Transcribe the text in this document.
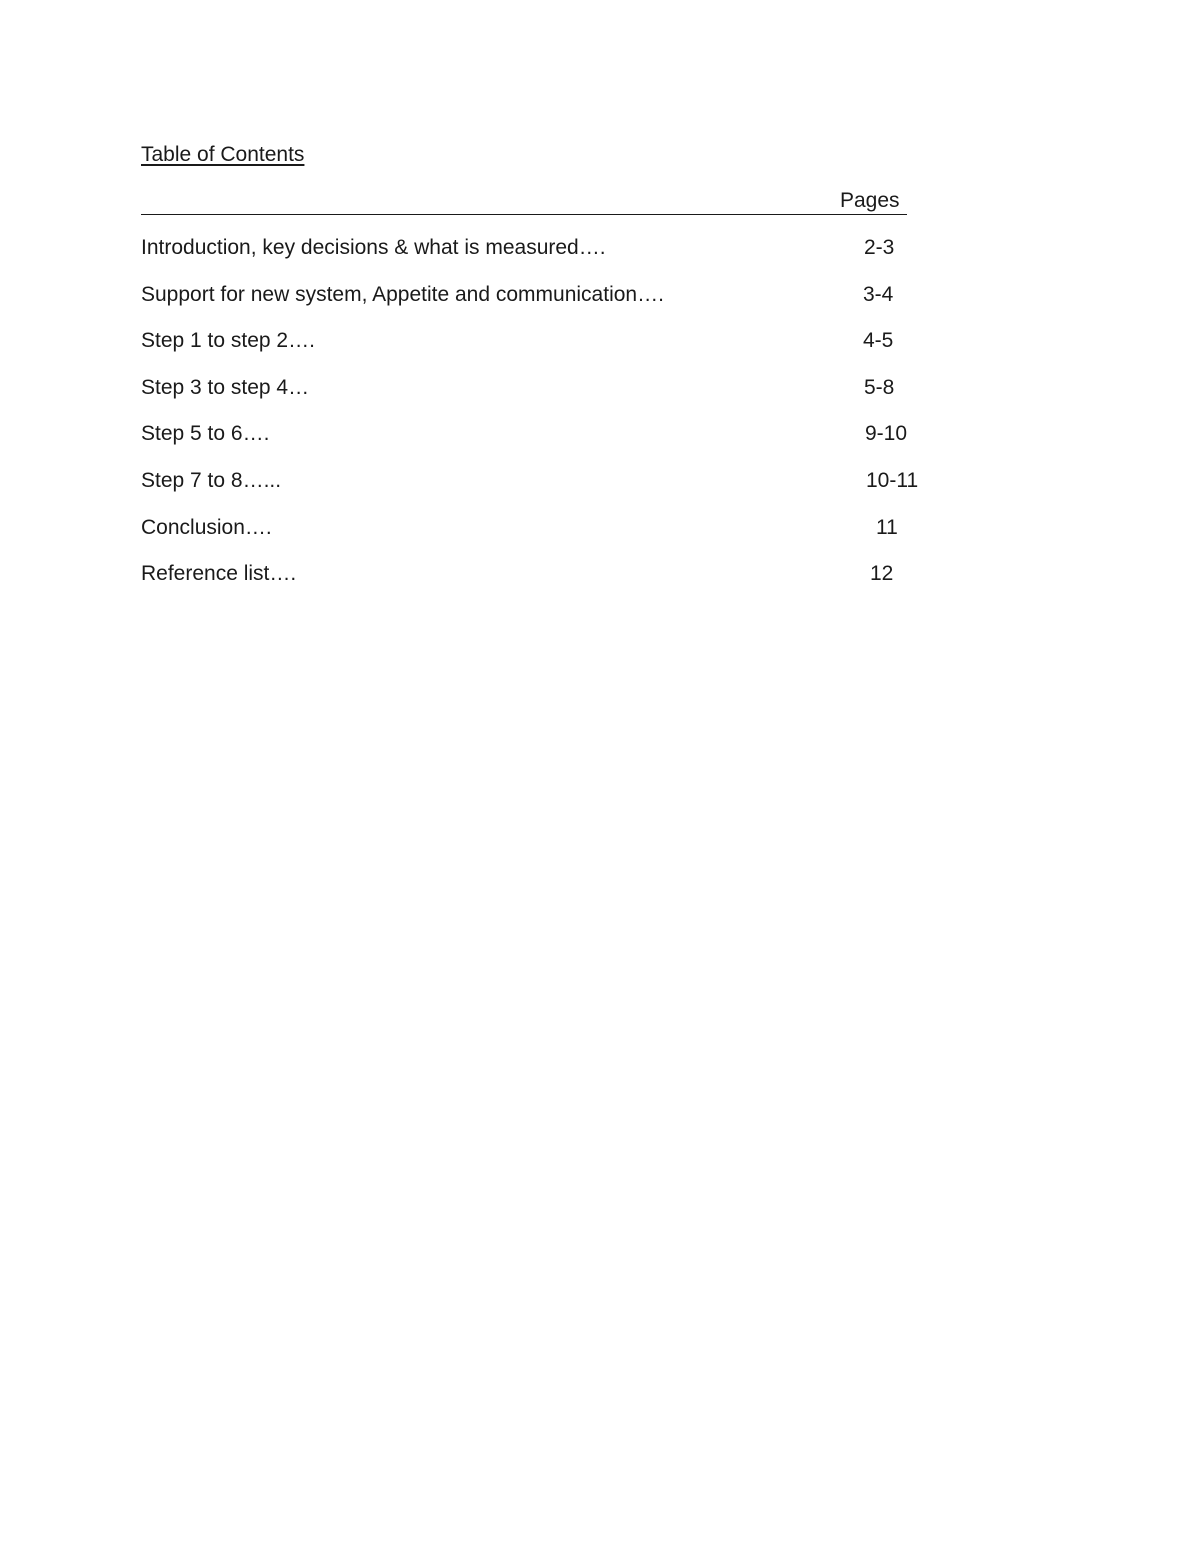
Table of Contents
Pages
Introduction, key decisions & what is measured….	2-3
Support for new system, Appetite and communication….	3-4
Step 1 to step 2….	4-5
Step 3 to step 4…	5-8
Step 5 to 6….	9-10
Step 7 to 8…...	10-11
Conclusion….	11
Reference list….	12
